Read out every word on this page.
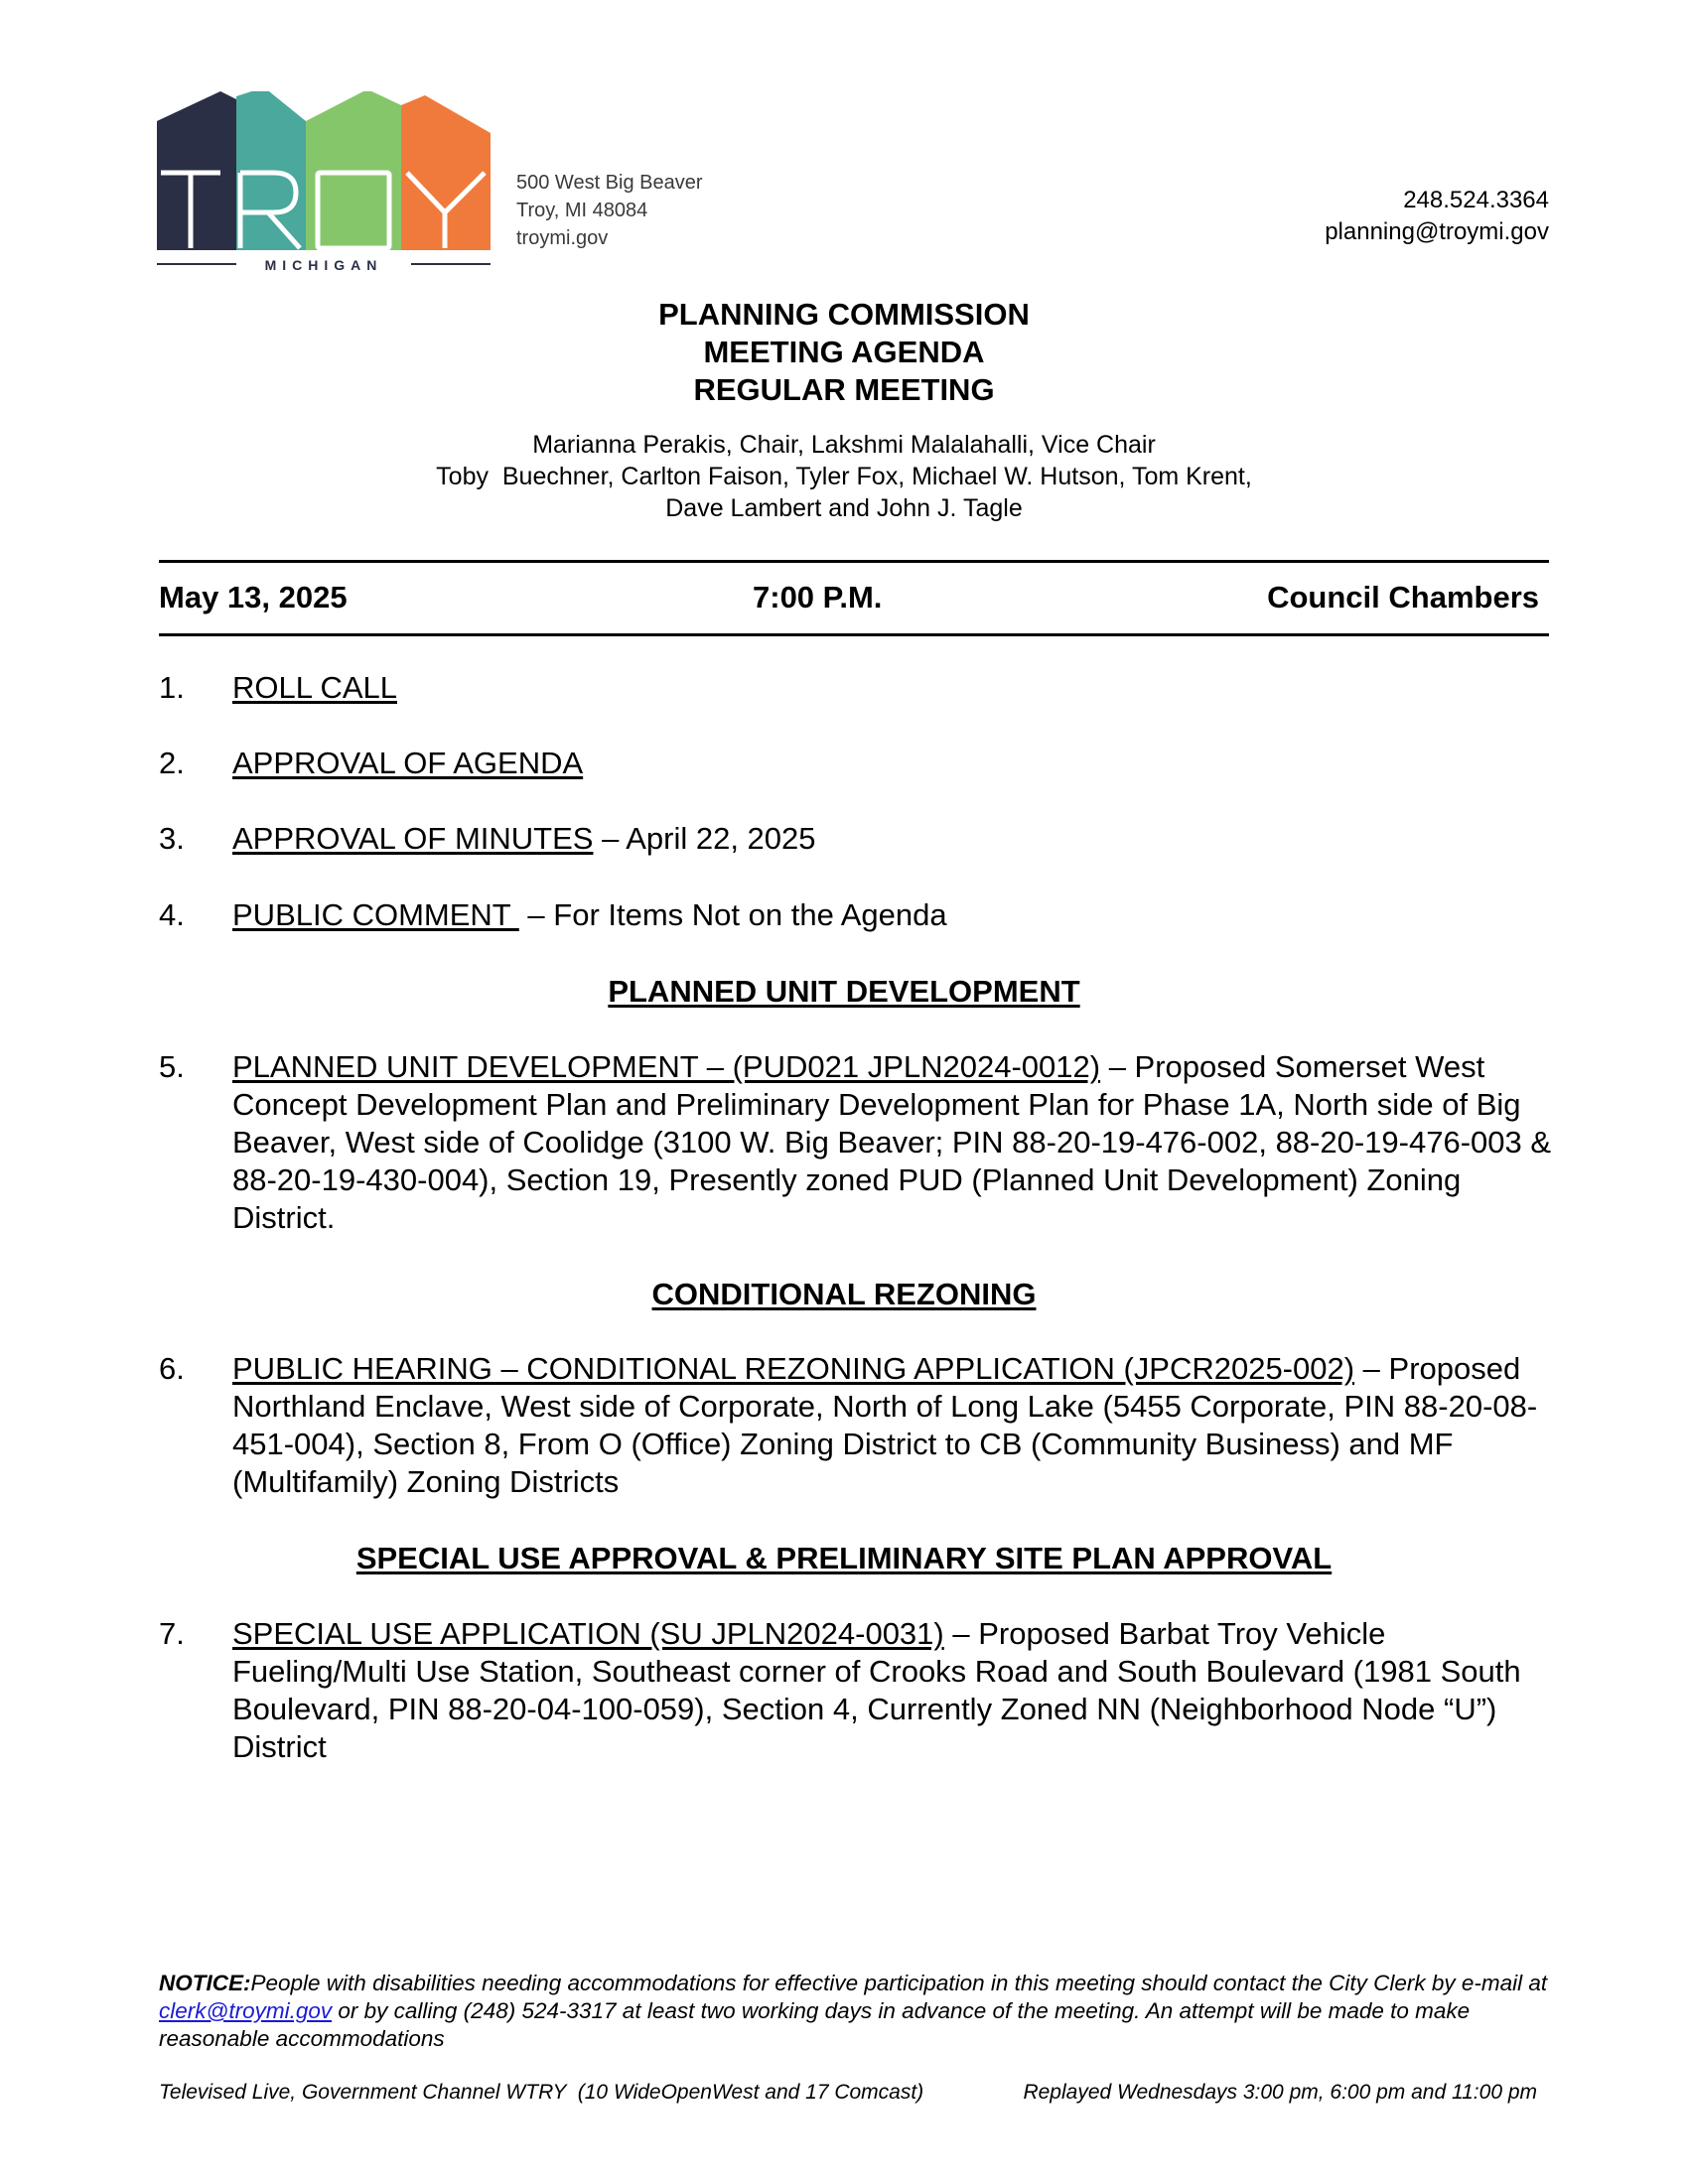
MICHIGAN
500 West Big Beaver
Troy, MI 48084
troymi.gov
248.524.3364
planning@troymi.gov
PLANNING COMMISSION
MEETING AGENDA
REGULAR MEETING
Marianna Perakis, Chair, Lakshmi Malalahalli, Vice Chair
Toby  Buechner, Carlton Faison, Tyler Fox, Michael W. Hutson, Tom Krent,
Dave Lambert and John J. Tagle
May 13, 2025	7:00 P.M.	Council Chambers
1. ROLL CALL
2. APPROVAL OF AGENDA
3. APPROVAL OF MINUTES – April 22, 2025
4. PUBLIC COMMENT  – For Items Not on the Agenda
PLANNED UNIT DEVELOPMENT
5. PLANNED UNIT DEVELOPMENT – (PUD021 JPLN2024-0012) – Proposed Somerset West Concept Development Plan and Preliminary Development Plan for Phase 1A, North side of Big Beaver, West side of Coolidge (3100 W. Big Beaver; PIN 88-20-19-476-002, 88-20-19-476-003 & 88-20-19-430-004), Section 19, Presently zoned PUD (Planned Unit Development) Zoning District.
CONDITIONAL REZONING
6. PUBLIC HEARING – CONDITIONAL REZONING APPLICATION (JPCR2025-002) – Proposed Northland Enclave, West side of Corporate, North of Long Lake (5455 Corporate, PIN 88-20-08-451-004), Section 8, From O (Office) Zoning District to CB (Community Business) and MF (Multifamily) Zoning Districts
SPECIAL USE APPROVAL & PRELIMINARY SITE PLAN APPROVAL
7. SPECIAL USE APPLICATION (SU JPLN2024-0031) – Proposed Barbat Troy Vehicle Fueling/Multi Use Station, Southeast corner of Crooks Road and South Boulevard (1981 South Boulevard, PIN 88-20-04-100-059), Section 4, Currently Zoned NN (Neighborhood Node “U”) District
NOTICE:People with disabilities needing accommodations for effective participation in this meeting should contact the City Clerk by e-mail at clerk@troymi.gov or by calling (248) 524-3317 at least two working days in advance of the meeting. An attempt will be made to make reasonable accommodations
Televised Live, Government Channel WTRY  (10 WideOpenWest and 17 Comcast)	Replayed Wednesdays 3:00 pm, 6:00 pm and 11:00 pm
